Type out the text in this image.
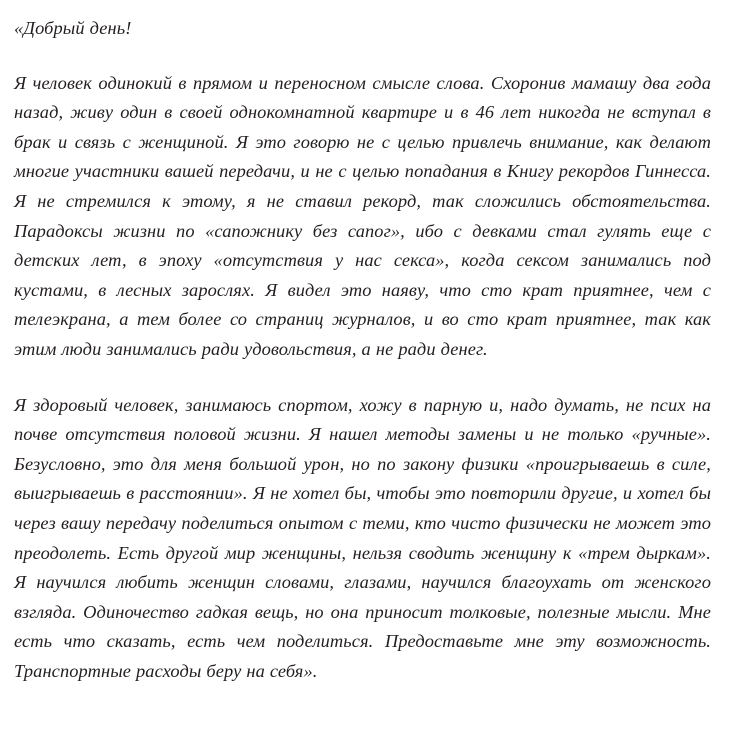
«Добрый день!

Я человек одинокий в прямом и переносном смысле слова. Схоронив мамашу два года назад, живу один в своей однокомнатной квартире и в 46 лет никогда не вступал в брак и связь с женщиной. Я это говорю не с целью привлечь внимание, как делают многие участники вашей передачи, и не с целью попадания в Книгу рекордов Гиннесса. Я не стремился к этому, я не ставил рекорд, так сложились обстоятельства. Парадоксы жизни по «сапожнику без сапог», ибо с девками стал гулять еще с детских лет, в эпоху «отсутствия у нас секса», когда сексом занимались под кустами, в лесных зарослях. Я видел это наяву, что сто крат приятнее, чем с телеэкрана, а тем более со страниц журналов, и во сто крат приятнее, так как этим люди занимались ради удовольствия, а не ради денег.

Я здоровый человек, занимаюсь спортом, хожу в парную и, надо думать, не псих на почве отсутствия половой жизни. Я нашел методы замены и не только «ручные». Безусловно, это для меня большой урон, но по закону физики «проигрываешь в силе, выигрываешь в расстоянии». Я не хотел бы, чтобы это повторили другие, и хотел бы через вашу передачу поделиться опытом с теми, кто чисто физически не может это преодолеть. Есть другой мир женщины, нельзя сводить женщину к «трем дыркам». Я научился любить женщин словами, глазами, научился благоухать от женского взгляда. Одиночество гадкая вещь, но она приносит толковые, полезные мысли. Мне есть что сказать, есть чем поделиться. Предоставьте мне эту возможность. Транспортные расходы беру на себя».
